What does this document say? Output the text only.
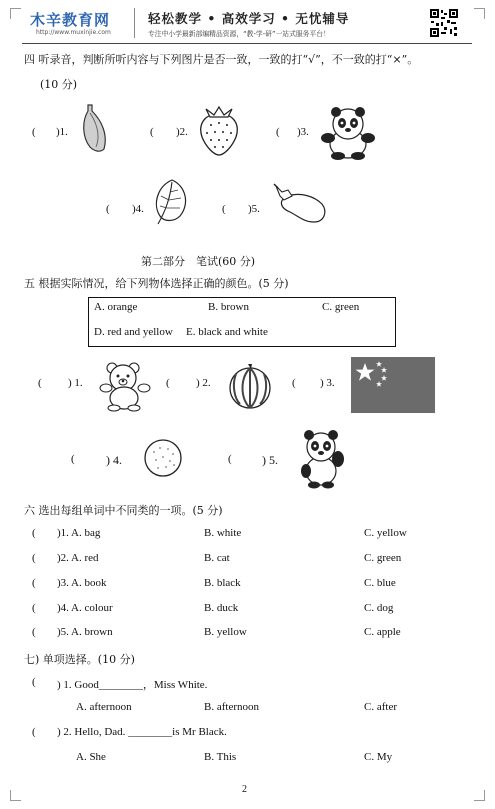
木辛教育网
http://www.muxinjie.com
轻松教学 • 高效学习 • 无忧辅导
专注中小学最新部编精品资源，“教-学-研”一站式服务平台！
四 听录音，判断所听内容与下列图片是否一致，一致的打“√”，不一致的打“×”。
(10 分)
( )1.	( )2.	( )3.
( )4.	( )5.
第二部分　笔试(60 分)
五 根据实际情况，给下列物体选择正确的颜色。(5 分)
A. orange	B. brown	C. green
D. red and yellow E. black and white
( ) 1.	( ) 2.	( ) 3.
(	) 4.	(	) 5.
六 选出每组单词中不同类的一项。(5 分)
( )1. A. bag	B. white	C. yellow
( )2. A. red	B. cat	C. green
( )3. A. book	B. black	C. blue
( )4. A. colour	B. duck	C. dog
( )5. A. brown	B. yellow	C. apple
七) 单项选择。(10 分)
( ) 1. Good________，Miss White.
A. afternoon	B. afternoon	C. after
( ) 2. Hello, Dad. ________is Mr Black.
A. She	B. This	C. My
2
